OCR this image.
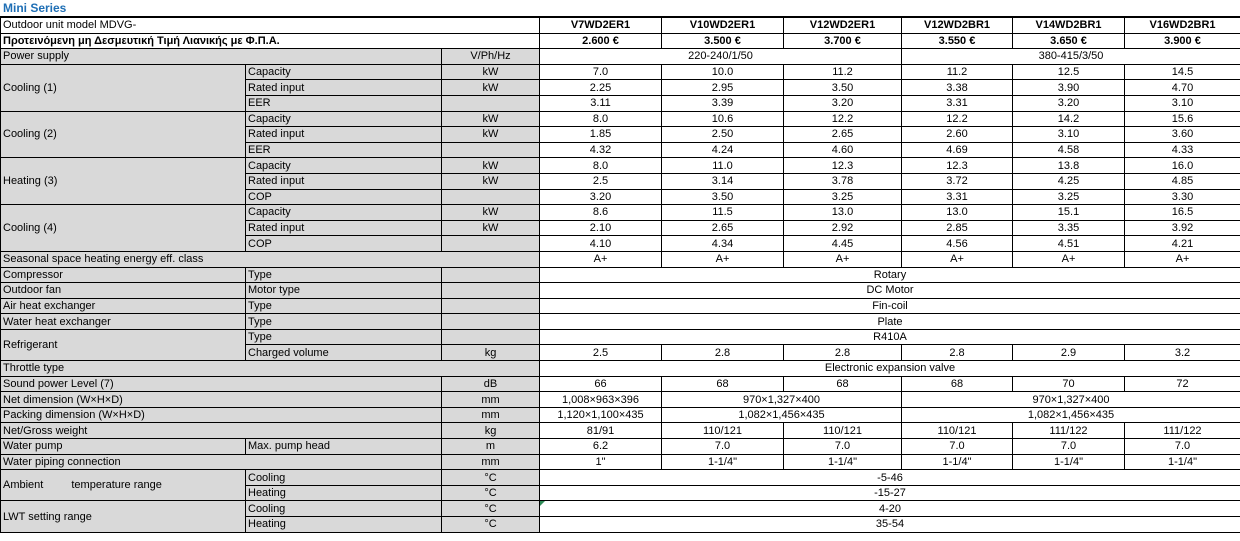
Mini Series
Outdoor unit model MDVG-			V7WD2ER1	V10WD2ER1	V12WD2ER1	V12WD2BR1	V14WD2BR1	V16WD2BR1
Προτεινόμενη μη Δεσμευτική Τιμή Λιανικής με Φ.Π.Α.			2.600 €	3.500 €	3.700 €	3.550 €	3.650 €	3.900 €
Power supply		V/Ph/Hz	220-240/1/50			380-415/3/50		
Cooling (1)	Capacity	kW	7.0	10.0	11.2	11.2	12.5	14.5
	Rated input	kW	2.25	2.95	3.50	3.38	3.90	4.70
	EER		3.11	3.39	3.20	3.31	3.20	3.10
Cooling (2)	Capacity	kW	8.0	10.6	12.2	12.2	14.2	15.6
	Rated input	kW	1.85	2.50	2.65	2.60	3.10	3.60
	EER		4.32	4.24	4.60	4.69	4.58	4.33
Heating (3)	Capacity	kW	8.0	11.0	12.3	12.3	13.8	16.0
	Rated input	kW	2.5	3.14	3.78	3.72	4.25	4.85
	COP		3.20	3.50	3.25	3.31	3.25	3.30
Cooling (4)	Capacity	kW	8.6	11.5	13.0	13.0	15.1	16.5
	Rated input	kW	2.10	2.65	2.92	2.85	3.35	3.92
	COP		4.10	4.34	4.45	4.56	4.51	4.21
Seasonal space heating energy eff. class			A+	A+	A+	A+	A+	A+
Compressor	Type		Rotary					
Outdoor fan	Motor type		DC Motor					
Air heat exchanger	Type		Fin-coil					
Water heat exchanger	Type		Plate					
Refrigerant	Type		R410A					
	Charged volume	kg	2.5	2.8	2.8	2.8	2.9	3.2
Throttle type			Electronic expansion valve					
Sound power Level (7)		dB	66	68	68	68	70	72
Net dimension (W×H×D)		mm	1,008×963×396	970×1,327×400		970×1,327×400		
Packing dimension (W×H×D)		mm	1,120×1,100×435	1,082×1,456×435		1,082×1,456×435		
Net/Gross weight		kg	81/91	110/121	110/121	110/121	111/122	111/122
Water pump	Max. pump head	m	6.2	7.0	7.0	7.0	7.0	7.0
Water piping connection		mm	1"	1-1/4"	1-1/4"	1-1/4"	1-1/4"	1-1/4"
Ambient temperature range	Cooling	°C	-5-46					
	Heating	°C	-15-27					
LWT setting range	Cooling	°C	4-20					
	Heating	°C	35-54					
